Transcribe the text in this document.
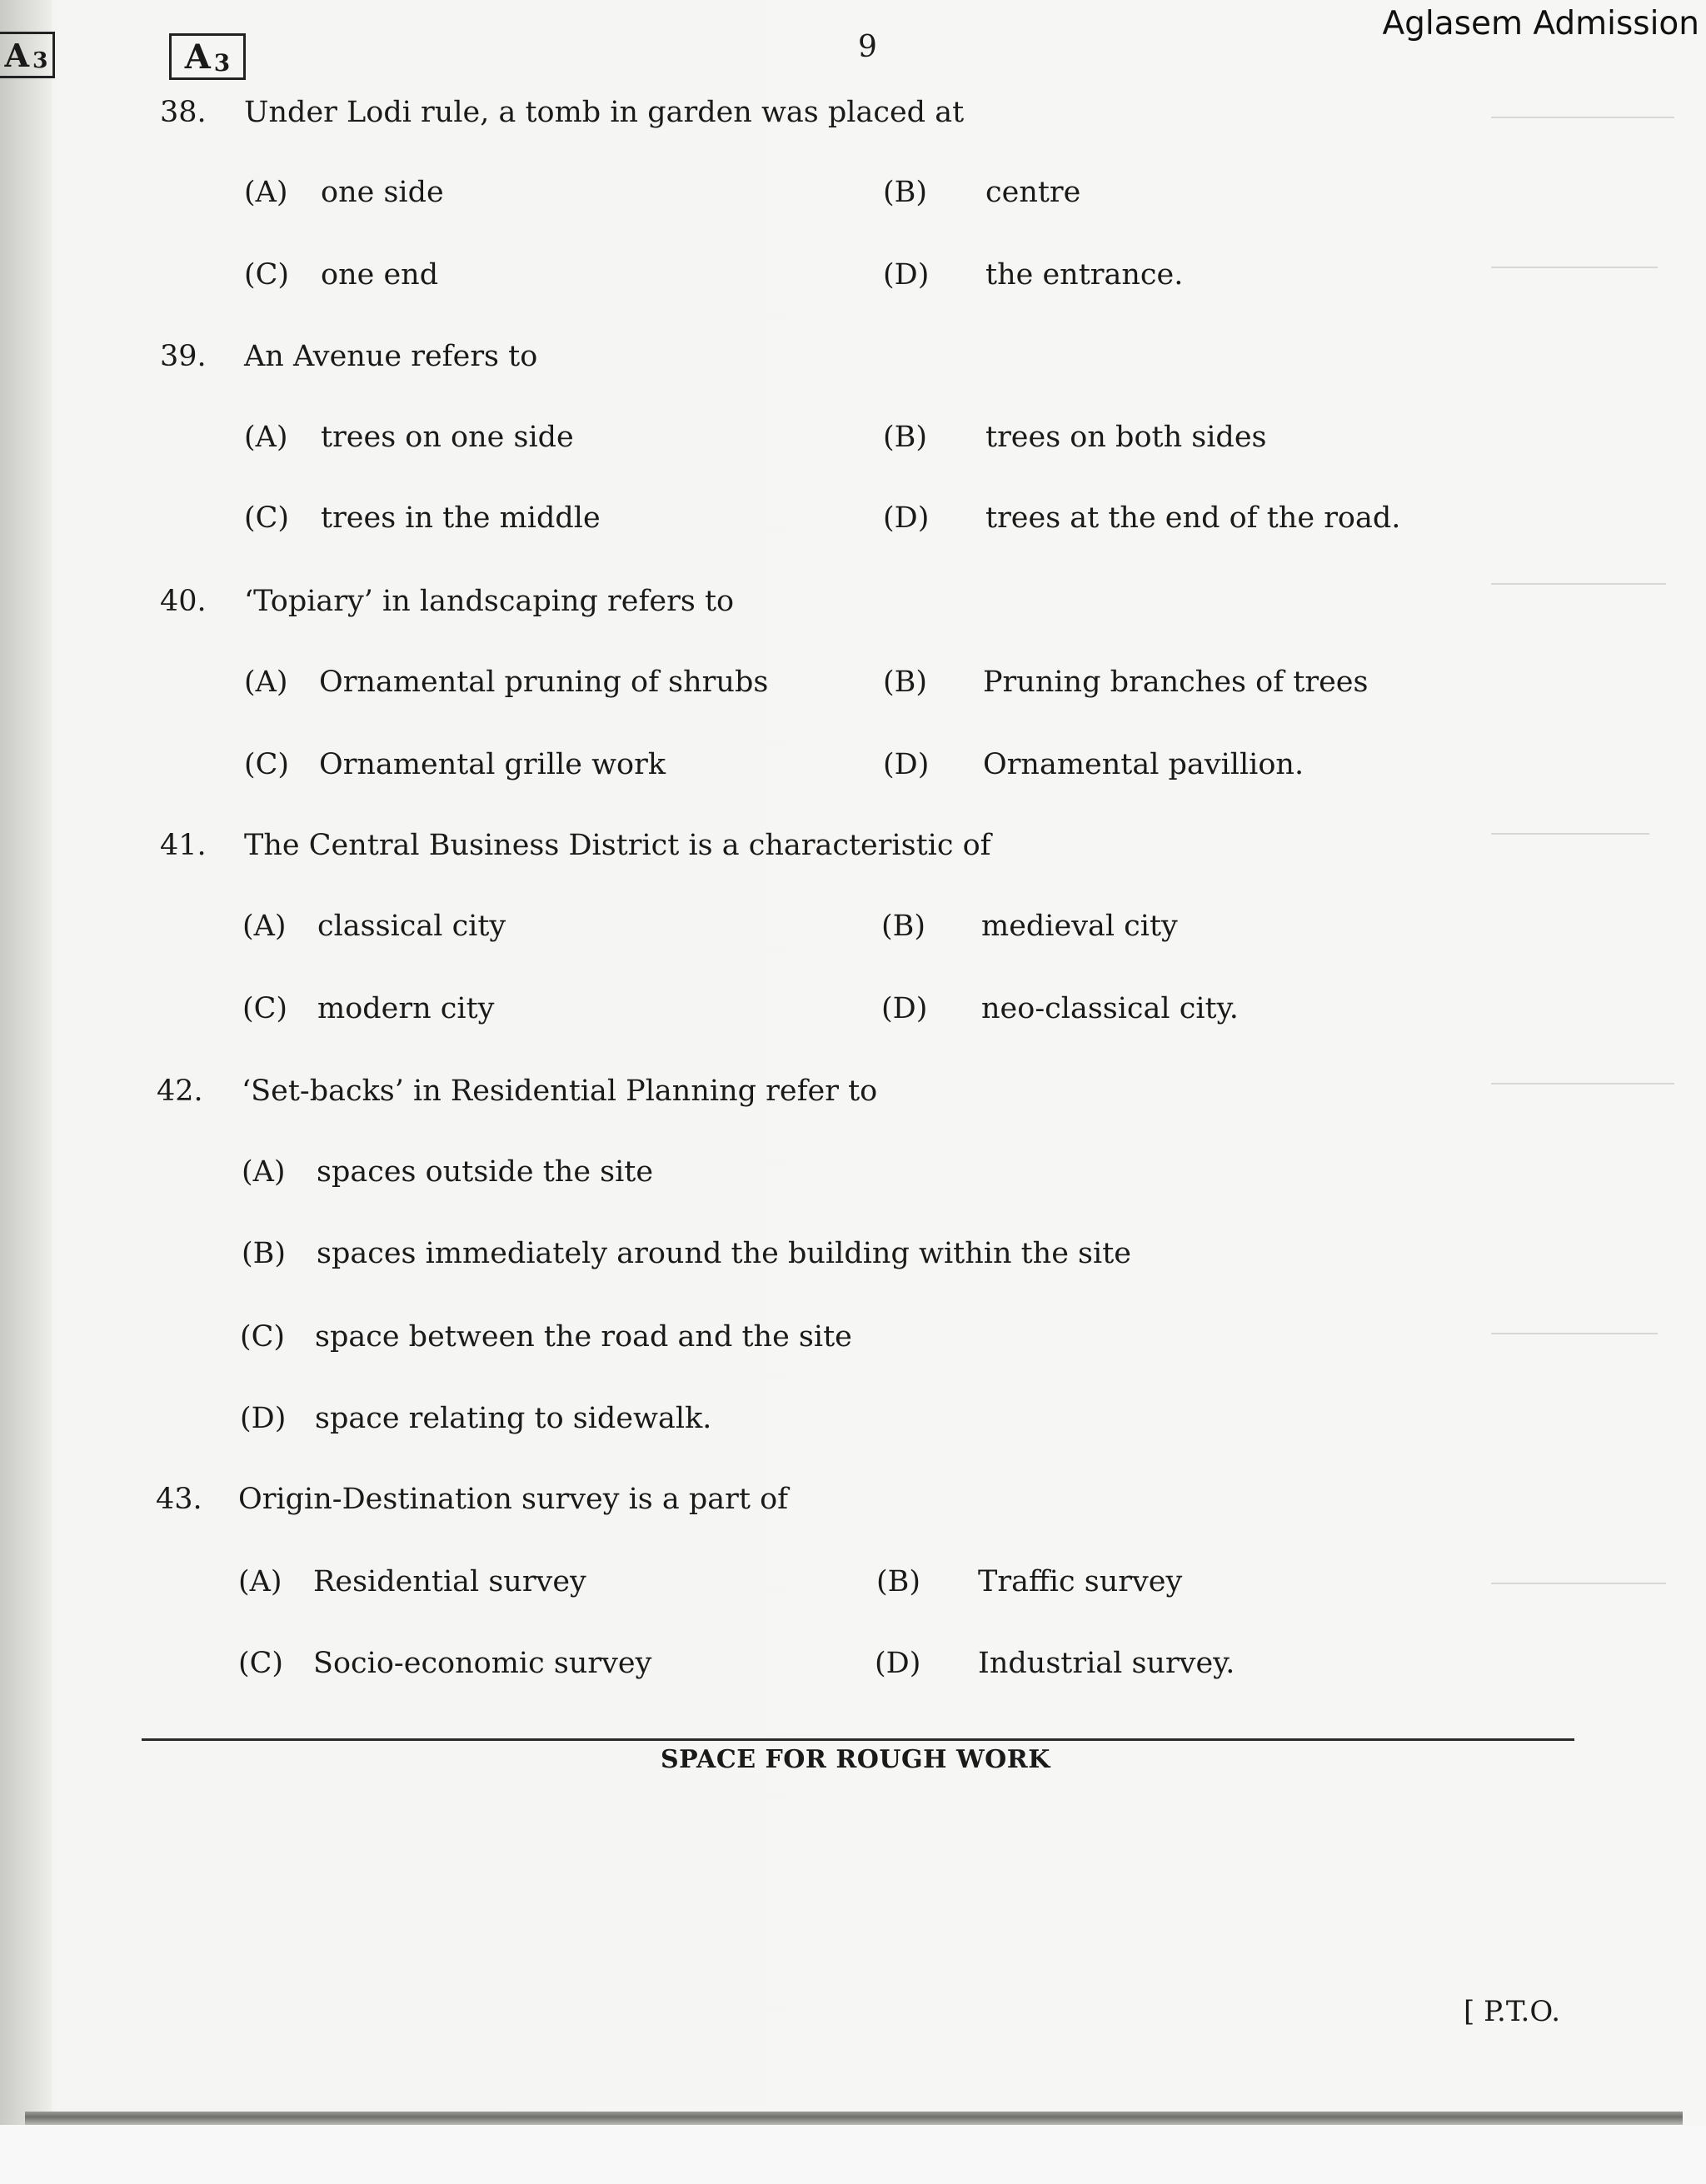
A 3	A 3	9
Aglasem Admission
38. Under Lodi rule, a tomb in garden was placed at
(A) one side	(B) centre
(C) one end	(D) the entrance.
39. An Avenue refers to
(A) trees on one side	(B) trees on both sides
(C) trees in the middle	(D) trees at the end of the road.
40. ‘Topiary’ in landscaping refers to
(A) Ornamental pruning of shrubs	(B) Pruning branches of trees
(C) Ornamental grille work	(D) Ornamental pavillion.
41. The Central Business District is a characteristic of
(A) classical city	(B) medieval city
(C) modern city	(D) neo-classical city.
42. ‘Set-backs’ in Residential Planning refer to
(A) spaces outside the site
(B) spaces immediately around the building within the site
(C) space between the road and the site
(D) space relating to sidewalk.
43. Origin-Destination survey is a part of
(A) Residential survey	(B) Traffic survey
(C) Socio-economic survey	(D) Industrial survey.
SPACE FOR ROUGH WORK
[ P.T.O.
